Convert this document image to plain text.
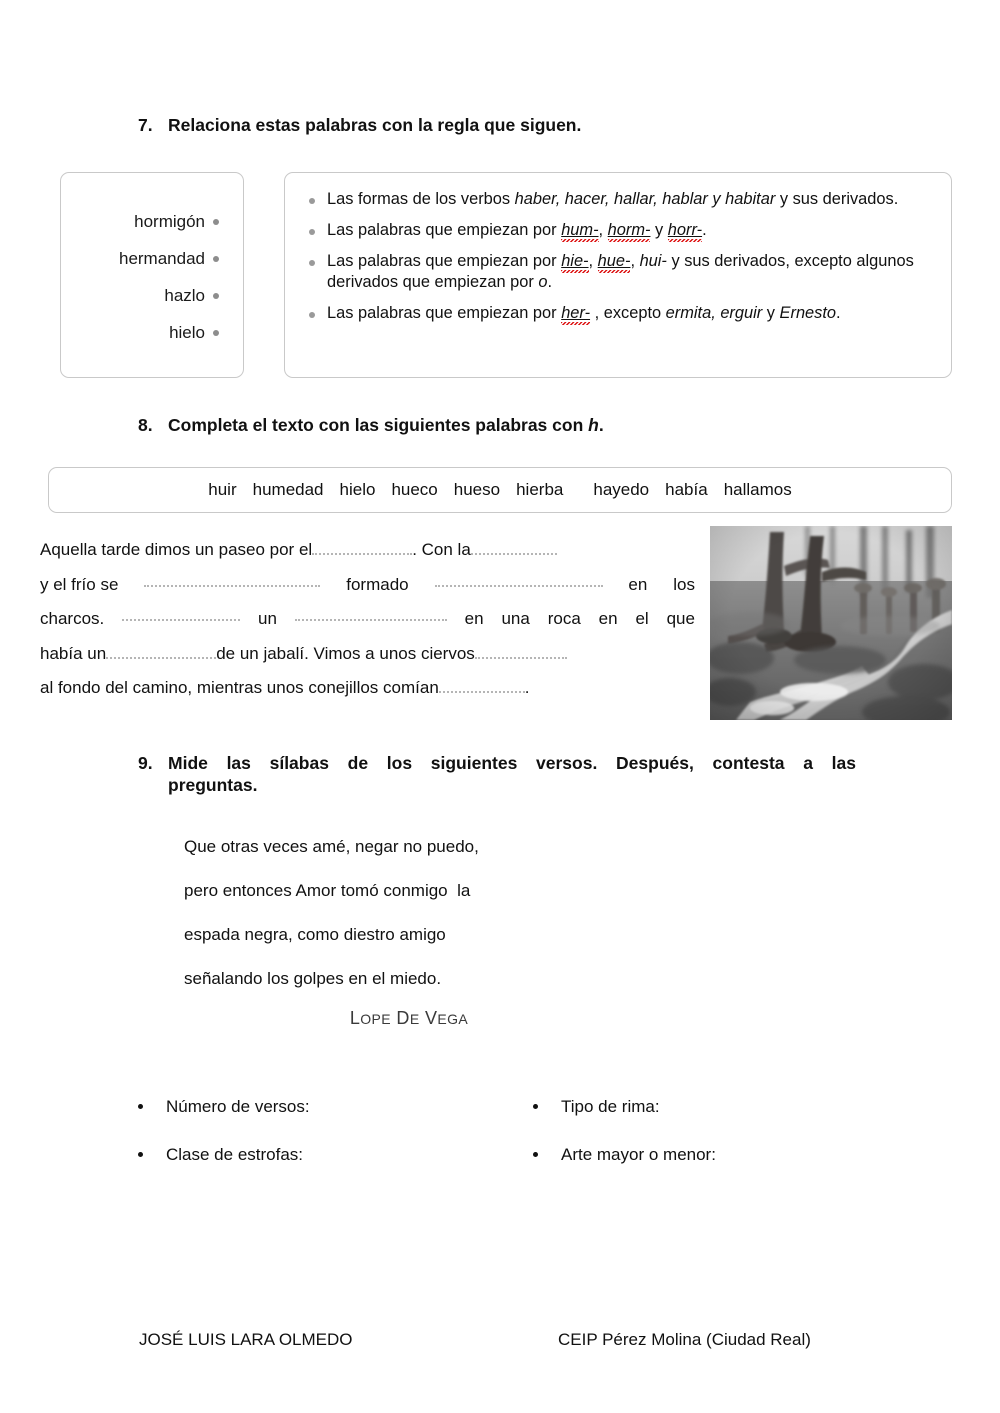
7. Relaciona estas palabras con la regla que siguen.
hormigón
hermandad
hazlo
hielo
Las formas de los verbos haber, hacer, hallar, hablar y habitar y sus derivados.
Las palabras que empiezan por hum-, horm- y horr-.
Las palabras que empiezan por hie-, hue-, hui- y sus derivados, excepto algunos derivados que empiezan por o.
Las palabras que empiezan por her- , excepto ermita, erguir y Ernesto.
8. Completa el texto con las siguientes palabras con h.
huir humedad hielo hueco hueso hierba hayedo había hallamos
Aquella tarde dimos un paseo por el	. Con la
y el frío se	formado	en los
charcos.	un	en una roca en el que
había un	de un jabalí. Vimos a unos ciervos
al fondo del camino, mientras unos conejillos comían	.
9. Mide las sílabas de los siguientes versos. Después, contesta a las
preguntas.
Que otras veces amé, negar no puedo,
pero entonces Amor tomó conmigo  la
espada negra, como diestro amigo
señalando los golpes en el miedo.
LOPE DE VEGA
Número de versos:	Tipo de rima:
Clase de estrofas:	Arte mayor o menor:
JOSÉ LUIS LARA OLMEDO	CEIP Pérez Molina (Ciudad Real)
